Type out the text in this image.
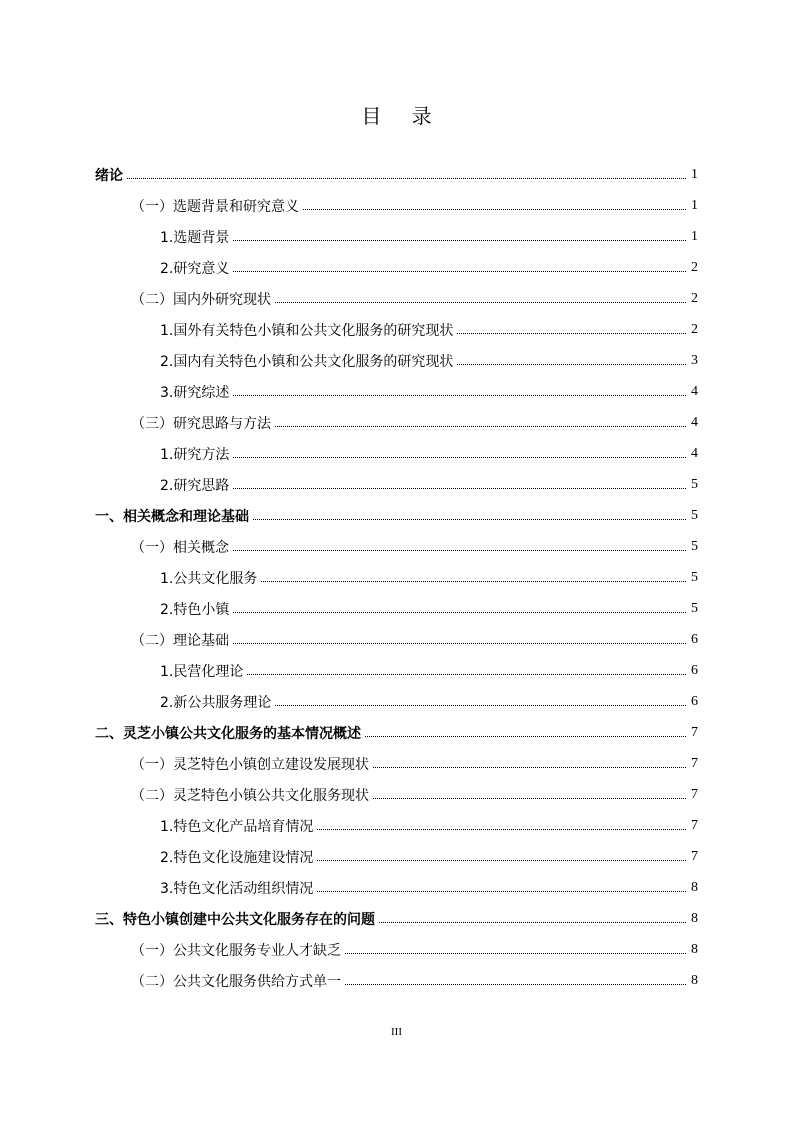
目 录
绪论	1
（一）选题背景和研究意义	1
1.选题背景	1
2.研究意义	2
（二）国内外研究现状	2
1.国外有关特色小镇和公共文化服务的研究现状	2
2.国内有关特色小镇和公共文化服务的研究现状	3
3.研究综述	4
（三）研究思路与方法	4
1.研究方法	4
2.研究思路	5
一、相关概念和理论基础	5
（一）相关概念	5
1.公共文化服务	5
2.特色小镇	5
（二）理论基础	6
1.民营化理论	6
2.新公共服务理论	6
二、灵芝小镇公共文化服务的基本情况概述	7
（一）灵芝特色小镇创立建设发展现状	7
（二）灵芝特色小镇公共文化服务现状	7
1.特色文化产品培育情况	7
2.特色文化设施建设情况	7
3.特色文化活动组织情况	8
三、特色小镇创建中公共文化服务存在的问题	8
（一）公共文化服务专业人才缺乏	8
（二）公共文化服务供给方式单一	8
III
